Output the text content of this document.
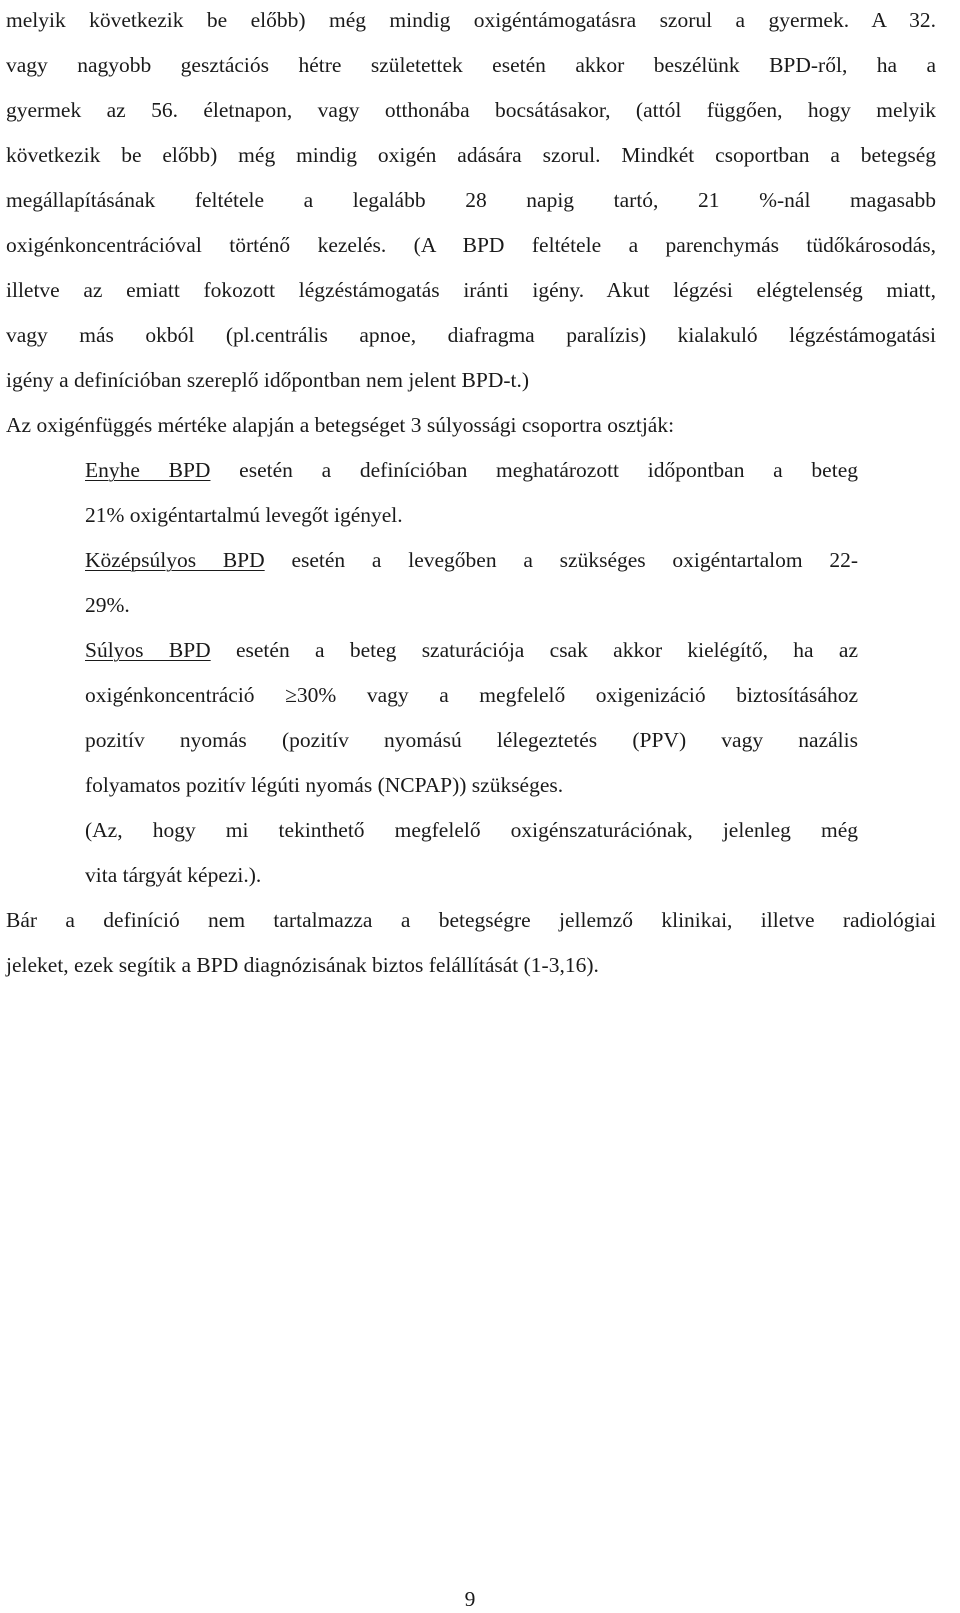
melyik következik be előbb) még mindig oxigéntámogatásra szorul a gyermek. A 32.
vagy nagyobb gesztációs hétre születettek esetén akkor beszélünk BPD-ről, ha a
gyermek az 56. életnapon, vagy otthonába bocsátásakor, (attól függően, hogy melyik
következik be előbb) még mindig oxigén adására szorul. Mindkét csoportban a betegség
megállapításának feltétele a legalább 28 napig tartó, 21 %-nál magasabb
oxigénkoncentrációval történő kezelés. (A BPD feltétele a parenchymás tüdőkárosodás,
illetve az emiatt fokozott légzéstámogatás iránti igény. Akut légzési elégtelenség miatt,
vagy más okból (pl.centrális apnoe, diafragma paralízis) kialakuló légzéstámogatási
igény a definícióban szereplő időpontban nem jelent BPD-t.)
Az oxigénfüggés mértéke alapján a betegséget 3 súlyossági csoportra osztják:
Enyhe BPD esetén a definícióban meghatározott időpontban a beteg
21% oxigéntartalmú levegőt igényel.
Középsúlyos BPD esetén a levegőben a szükséges oxigéntartalom 22-
29%.
Súlyos BPD esetén a beteg szaturációja csak akkor kielégítő, ha az
oxigénkoncentráció ≥30% vagy a megfelelő oxigenizáció biztosításához
pozitív nyomás (pozitív nyomású lélegeztetés (PPV) vagy nazális
folyamatos pozitív légúti nyomás (NCPAP)) szükséges.
(Az, hogy mi tekinthető megfelelő oxigénszaturációnak, jelenleg még
vita tárgyát képezi.).
Bár a definíció nem tartalmazza a betegségre jellemző klinikai, illetve radiológiai
jeleket, ezek segítik a BPD diagnózisának biztos felállítását (1-3,16).
9
